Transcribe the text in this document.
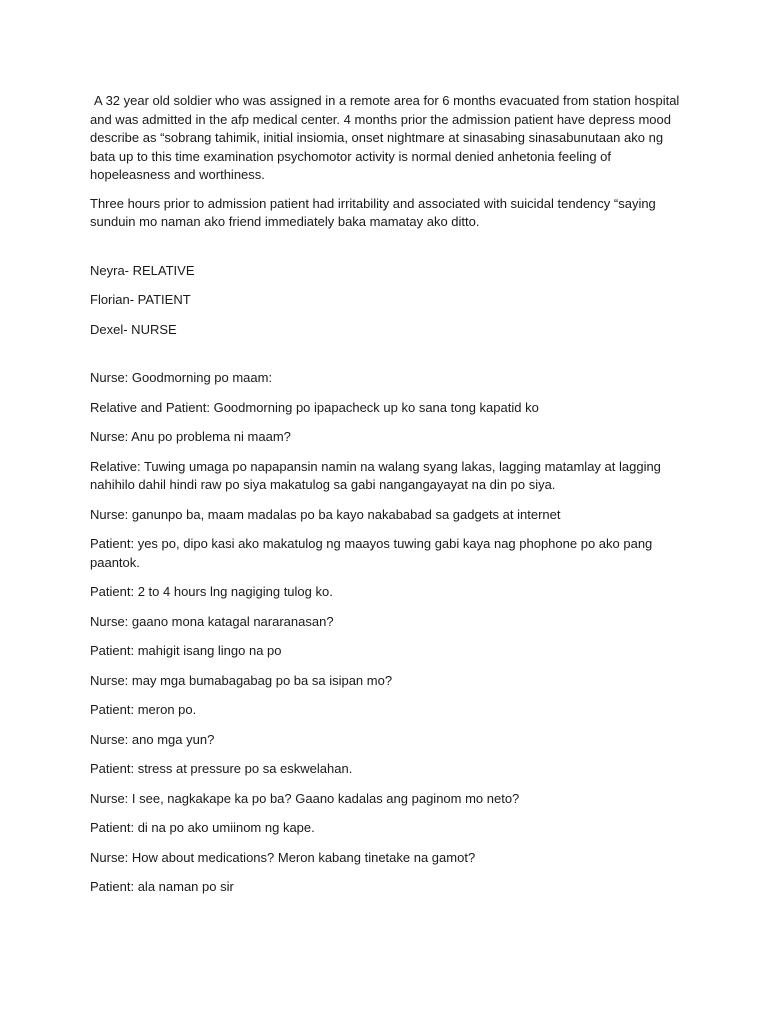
A 32 year old soldier who was assigned in a remote area for 6 months evacuated from station hospital and was admitted in the afp medical center. 4 months prior the admission patient have depress mood describe as “sobrang tahimik, initial insiomia, onset nightmare at sinasabing sinasabunutaan ako ng bata up to this time examination psychomotor activity is normal denied anhetonia feeling of hopeleasness and worthiness.

Three hours prior to admission patient had irritability and associated with suicidal tendency “saying sunduin mo naman ako friend immediately baka mamatay ako ditto.

Neyra- RELATIVE

Florian- PATIENT

Dexel- NURSE

Nurse: Goodmorning po maam:

Relative and Patient: Goodmorning po ipapacheck up ko sana tong kapatid ko

Nurse: Anu po problema ni maam?

Relative: Tuwing umaga po napapansin namin na walang syang lakas, lagging matamlay at lagging nahihilo dahil hindi raw po siya makatulog sa gabi nangangayayat na din po siya.

Nurse: ganunpo ba, maam madalas po ba kayo nakababad sa gadgets at internet

Patient: yes po, dipo kasi ako makatulog ng maayos tuwing gabi kaya nag phophone po ako pang paantok.

Patient: 2 to 4 hours lng nagiging tulog ko.

Nurse: gaano mona katagal nararanasan?

Patient: mahigit isang lingo na po

Nurse: may mga bumabagabag po ba sa isipan mo?

Patient: meron po.

Nurse: ano mga yun?

Patient: stress at pressure po sa eskwelahan.

Nurse: I see, nagkakape ka po ba? Gaano kadalas ang paginom mo neto?

Patient: di na po ako umiinom ng kape.

Nurse: How about medications? Meron kabang tinetake na gamot?

Patient: ala naman po sir
